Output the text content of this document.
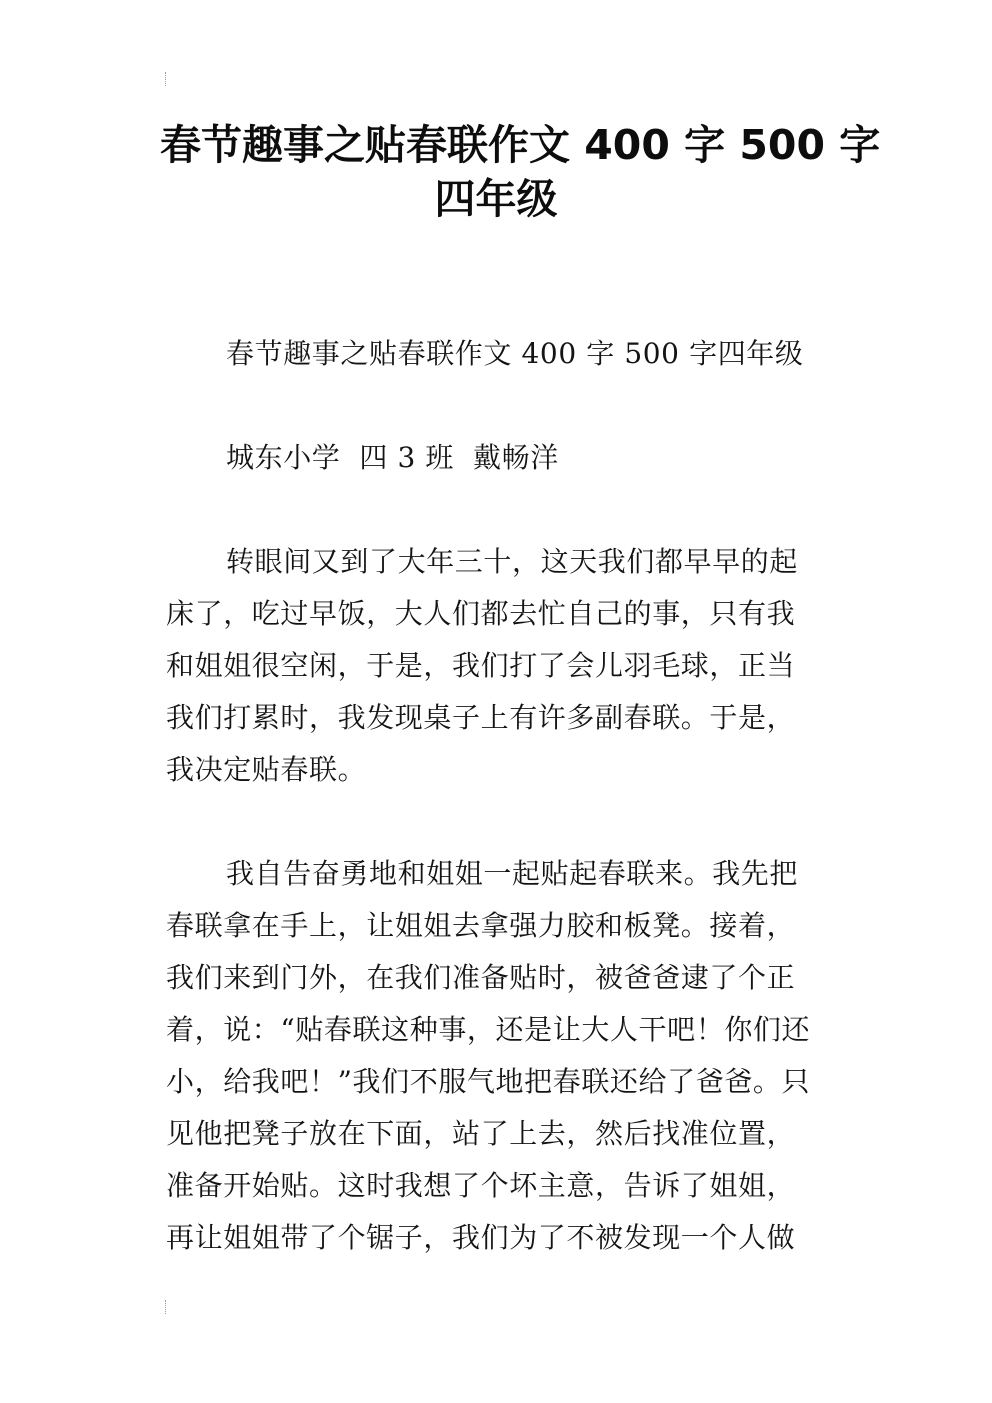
春节趣事之贴春联作文 400 字 500 字
四年级

春节趣事之贴春联作文 400 字 500 字四年级

城东小学  四 3 班  戴畅洋

转眼间又到了大年三十，这天我们都早早的起
床了，吃过早饭，大人们都去忙自己的事，只有我
和姐姐很空闲，于是，我们打了会儿羽毛球，正当
我们打累时，我发现桌子上有许多副春联。于是，
我决定贴春联。
我自告奋勇地和姐姐一起贴起春联来。我先把
春联拿在手上，让姐姐去拿强力胶和板凳。接着，
我们来到门外，在我们准备贴时，被爸爸逮了个正
着，说：“贴春联这种事，还是让大人干吧！你们还
小，给我吧！”我们不服气地把春联还给了爸爸。只
见他把凳子放在下面，站了上去，然后找准位置，
准备开始贴。这时我想了个坏主意，告诉了姐姐，
再让姐姐带了个锯子，我们为了不被发现一个人做
